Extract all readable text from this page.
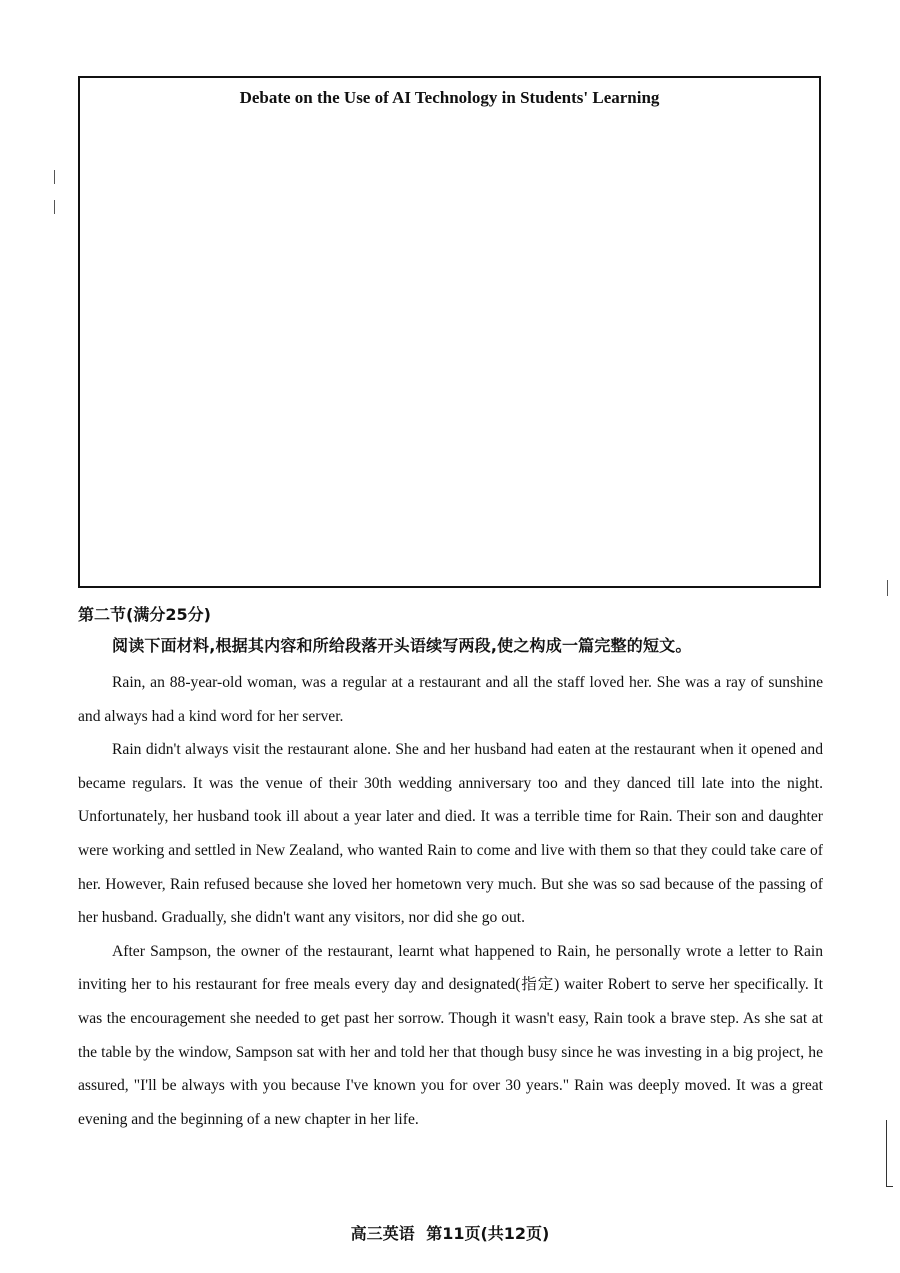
Debate on the Use of AI Technology in Students' Learning
第二节(满分25分)
阅读下面材料,根据其内容和所给段落开头语续写两段,使之构成一篇完整的短文。

Rain, an 88-year-old woman, was a regular at a restaurant and all the staff loved her. She was a ray of sunshine and always had a kind word for her server.

Rain didn't always visit the restaurant alone. She and her husband had eaten at the restaurant when it opened and became regulars. It was the venue of their 30th wedding anniversary too and they danced till late into the night. Unfortunately, her husband took ill about a year later and died. It was a terrible time for Rain. Their son and daughter were working and settled in New Zealand, who wanted Rain to come and live with them so that they could take care of her. However, Rain refused because she loved her hometown very much. But she was so sad because of the passing of her husband. Gradually, she didn't want any visitors, nor did she go out.

After Sampson, the owner of the restaurant, learnt what happened to Rain, he personally wrote a letter to Rain inviting her to his restaurant for free meals every day and designated(指定) waiter Robert to serve her specifically. It was the encouragement she needed to get past her sorrow. Though it wasn't easy, Rain took a brave step. As she sat at the table by the window, Sampson sat with her and told her that though busy since he was investing in a big project, he assured, "I'll be always with you because I've known you for over 30 years." Rain was deeply moved. It was a great evening and the beginning of a new chapter in her life.

高三英语 第11页(共12页)
